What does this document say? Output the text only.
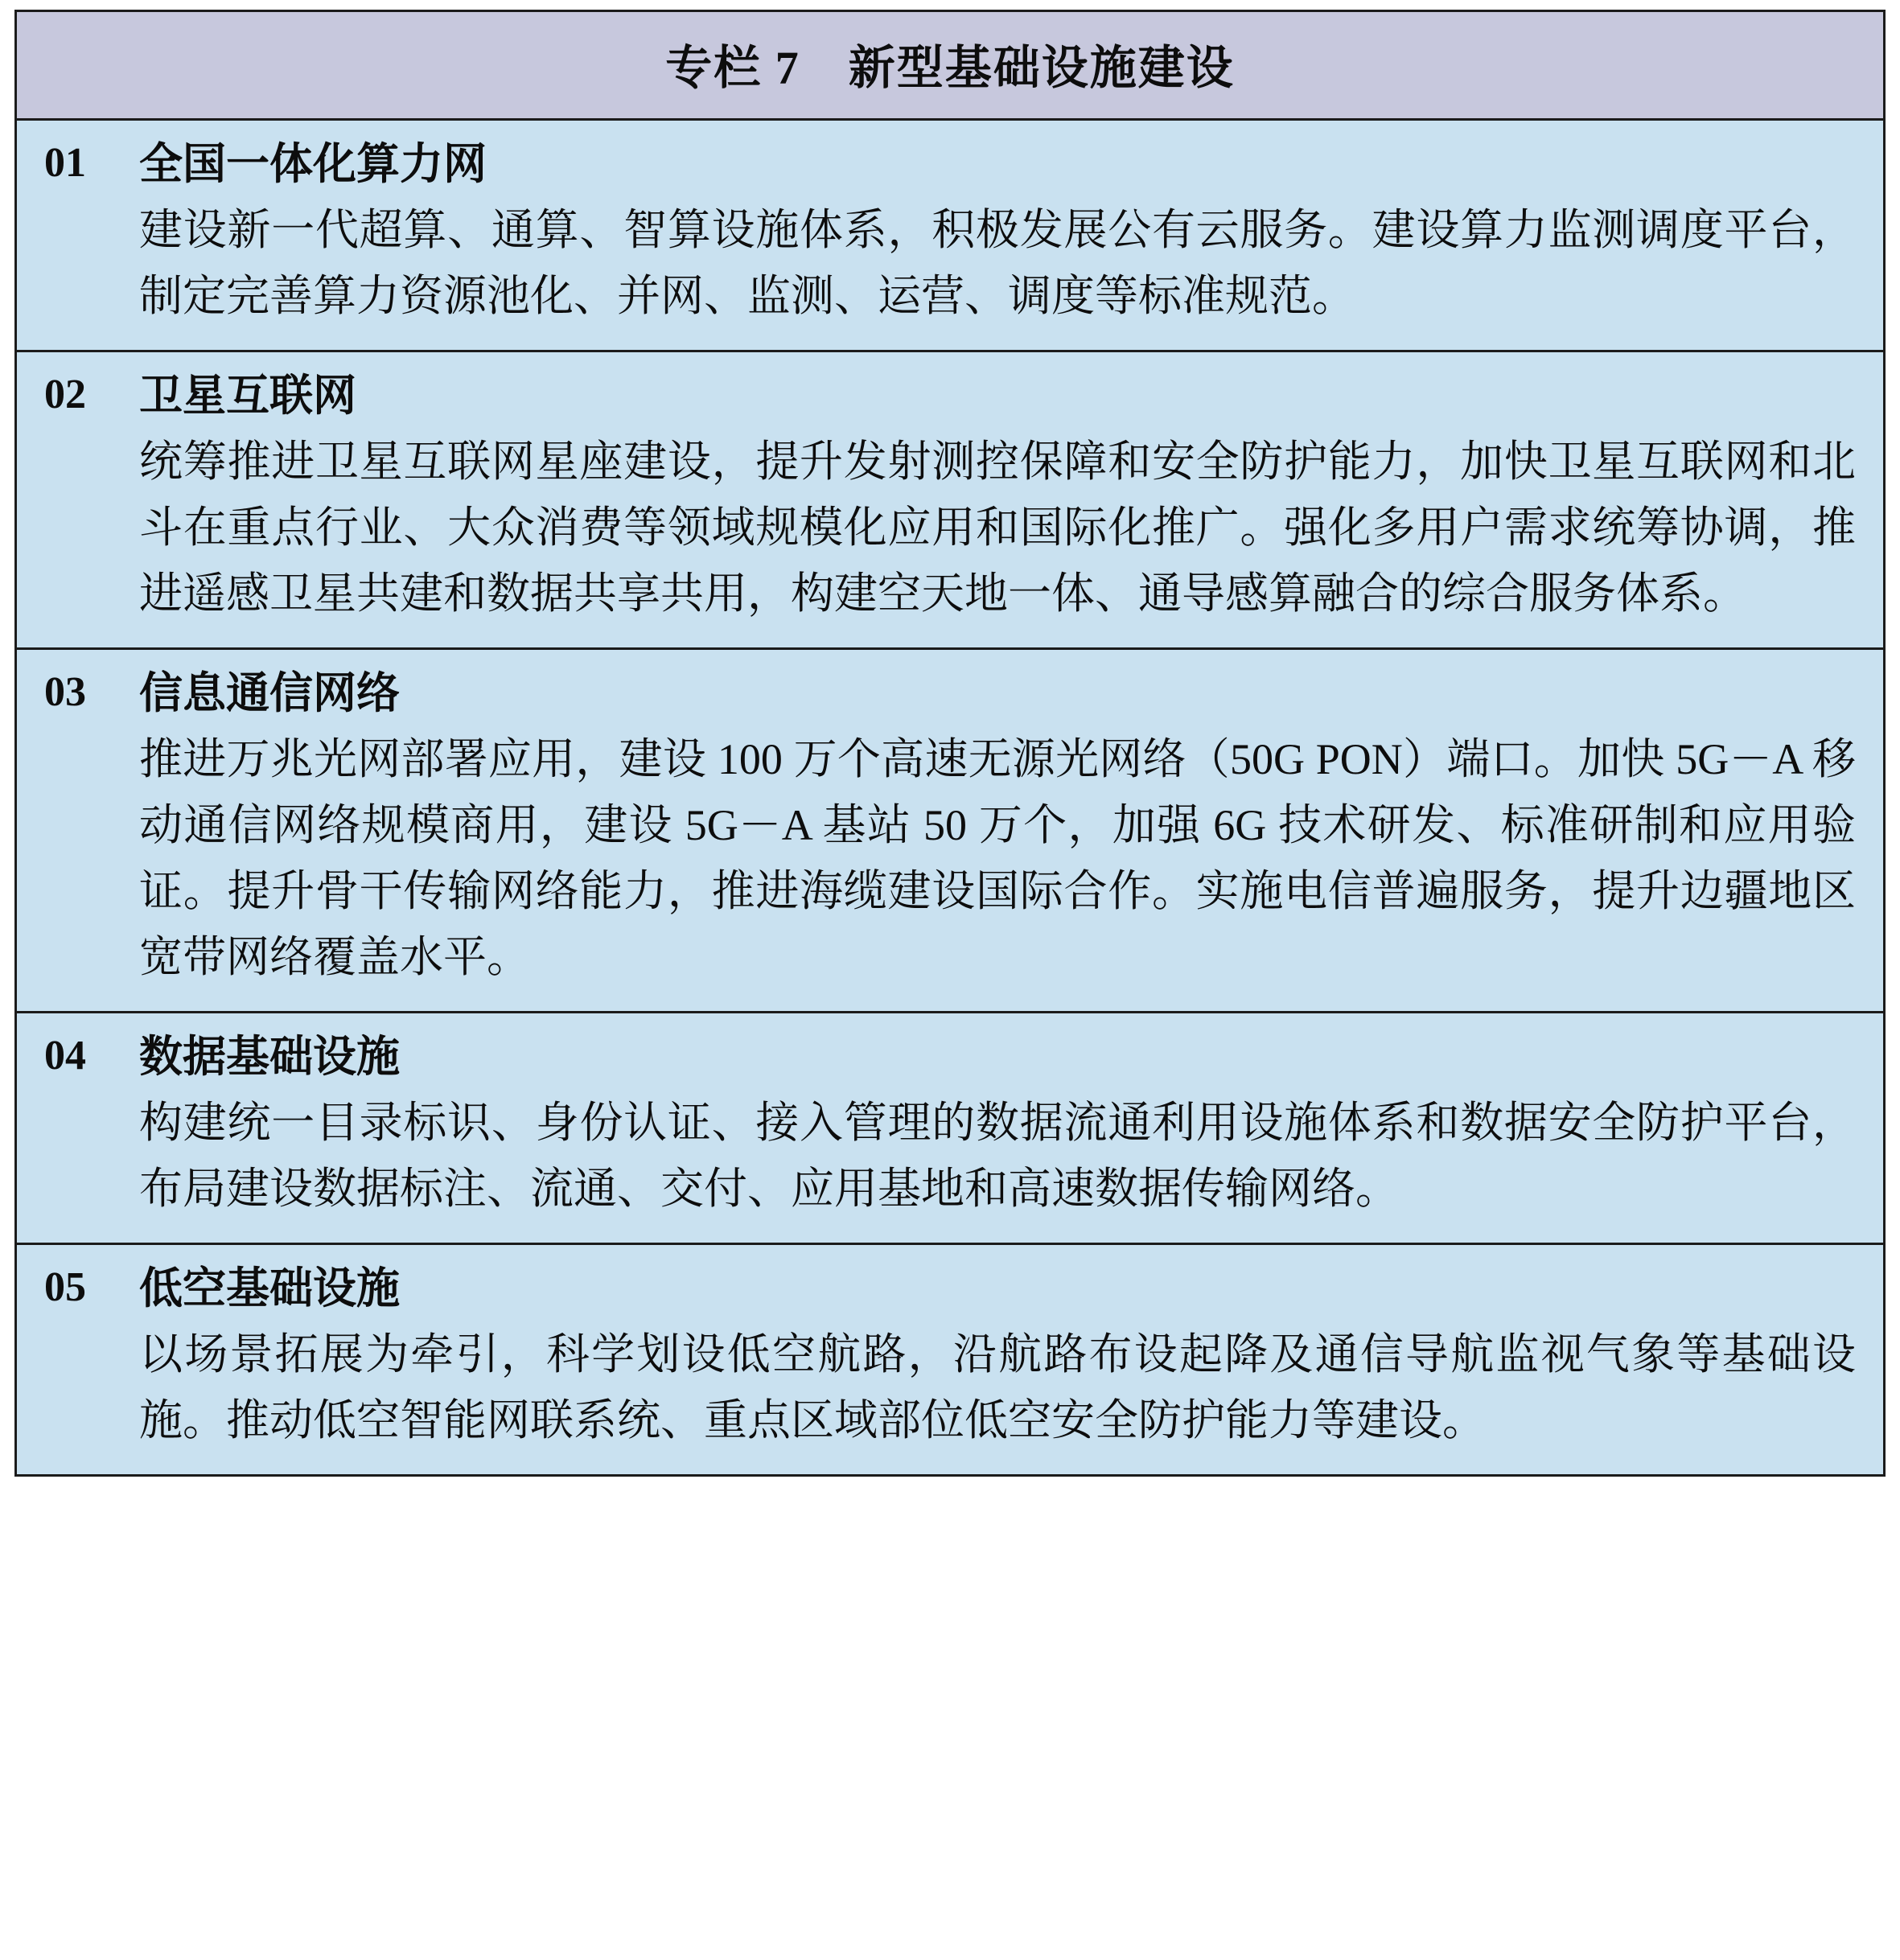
专栏 7　新型基础设施建设
01	全国一体化算力网
建设新一代超算、通算、智算设施体系，积极发展公有云服务。建设算力监测调度平台，制定完善算力资源池化、并网、监测、运营、调度等标准规范。
02	卫星互联网
统筹推进卫星互联网星座建设，提升发射测控保障和安全防护能力，加快卫星互联网和北斗在重点行业、大众消费等领域规模化应用和国际化推广。强化多用户需求统筹协调，推进遥感卫星共建和数据共享共用，构建空天地一体、通导感算融合的综合服务体系。
03	信息通信网络
推进万兆光网部署应用，建设 100 万个高速无源光网络（50G PON）端口。加快 5G－A 移动通信网络规模商用，建设 5G－A 基站 50 万个，加强 6G 技术研发、标准研制和应用验证。提升骨干传输网络能力，推进海缆建设国际合作。实施电信普遍服务，提升边疆地区宽带网络覆盖水平。
04	数据基础设施
构建统一目录标识、身份认证、接入管理的数据流通利用设施体系和数据安全防护平台，布局建设数据标注、流通、交付、应用基地和高速数据传输网络。
05	低空基础设施
以场景拓展为牵引，科学划设低空航路，沿航路布设起降及通信导航监视气象等基础设施。推动低空智能网联系统、重点区域部位低空安全防护能力等建设。
